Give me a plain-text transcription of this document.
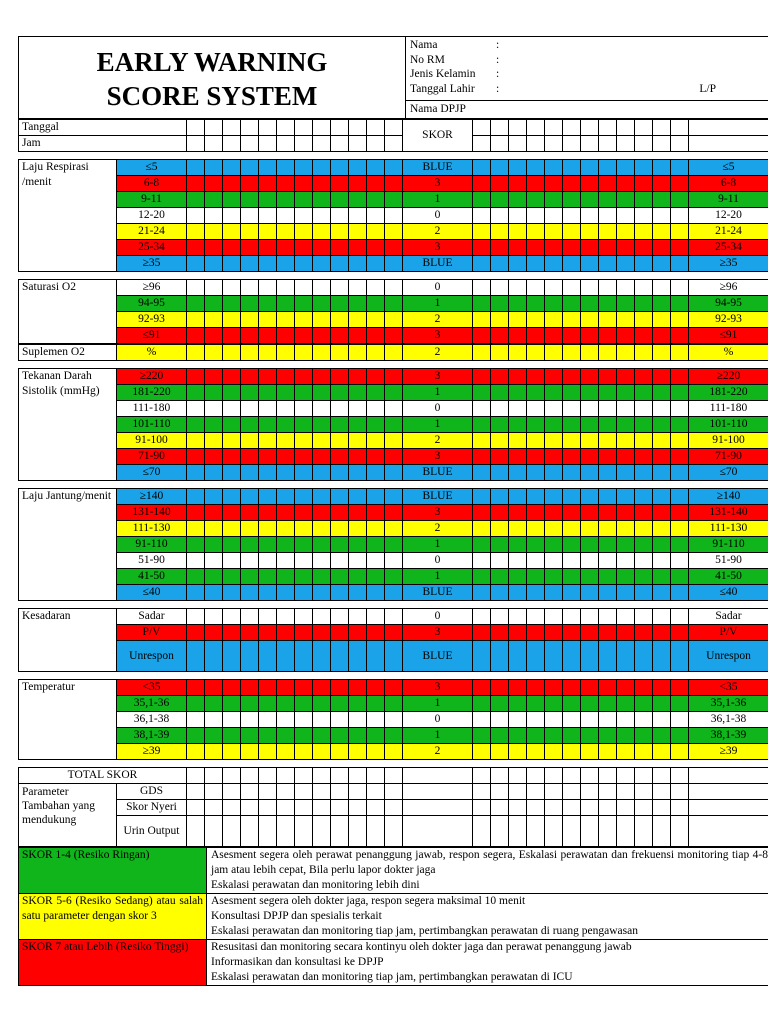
EARLY WARNING
SCORE SYSTEM

Nama	:
No RM	:
Jenis Kelamin	:
Tanggal Lahir	:	L/P

Nama DPJP
Tanggal													SKOR													
Jam																										
Laju Respirasi /menit	≤5													BLUE													≤5
	6-8													3													6-8
	9-11													1													9-11
	12-20													0													12-20
	21-24													2													21-24
	25-34													3													25-34
	≥35													BLUE													≥35
Saturasi O2	≥96													0													≥96
	94-95													1													94-95
	92-93													2													92-93
	≤91													3													≤91
Suplemen O2	%													2													%
Tekanan Darah Sistolik (mmHg)	≥220													3													≥220
	181-220													1													181-220
	111-180													0													111-180
	101-110													1													101-110
	91-100													2													91-100
	71-90													3													71-90
	≤70													BLUE													≤70
Laju Jantung/menit	≥140													BLUE													≥140
	131-140													3													131-140
	111-130													2													111-130
	91-110													1													91-110
	51-90													0													51-90
	41-50													1													41-50
	≤40													BLUE													≤40
Kesadaran	Sadar													0													Sadar
	P/V													3													P/V
	Unrespon													BLUE													Unrespon
Temperatur	<35													3													<35
	35,1-36													1													35,1-36
	36,1-38													0													36,1-38
	38,1-39													1													38,1-39
	≥39													2													≥39
TOTAL SKOR																											
Parameter Tambahan yang mendukung	GDS																										
	Skor Nyeri																										
	Urin Output																										
SKOR 1-4 (Resiko Ringan)	Asesment segera oleh perawat penanggung jawab, respon segera, Eskalasi perawatan dan frekuensi monitoring tiap 4-8 jam atau lebih cepat, Bila perlu lapor dokter jaga
Eskalasi perawatan dan monitoring lebih dini

SKOR 5-6 (Resiko Sedang) atau salah satu parameter dengan skor 3	Asesment segera oleh dokter jaga, respon segera maksimal 10 menit
Konsultasi DPJP dan spesialis terkait
Eskalasi perawatan dan monitoring tiap jam, pertimbangkan perawatan di ruang pengawasan

SKOR 7 atau Lebih (Resiko Tinggi)	Resusitasi dan monitoring secara kontinyu oleh dokter jaga dan perawat penanggung jawab
Informasikan dan konsultasi ke DPJP
Eskalasi perawatan dan monitoring tiap jam, pertimbangkan perawatan di ICU
